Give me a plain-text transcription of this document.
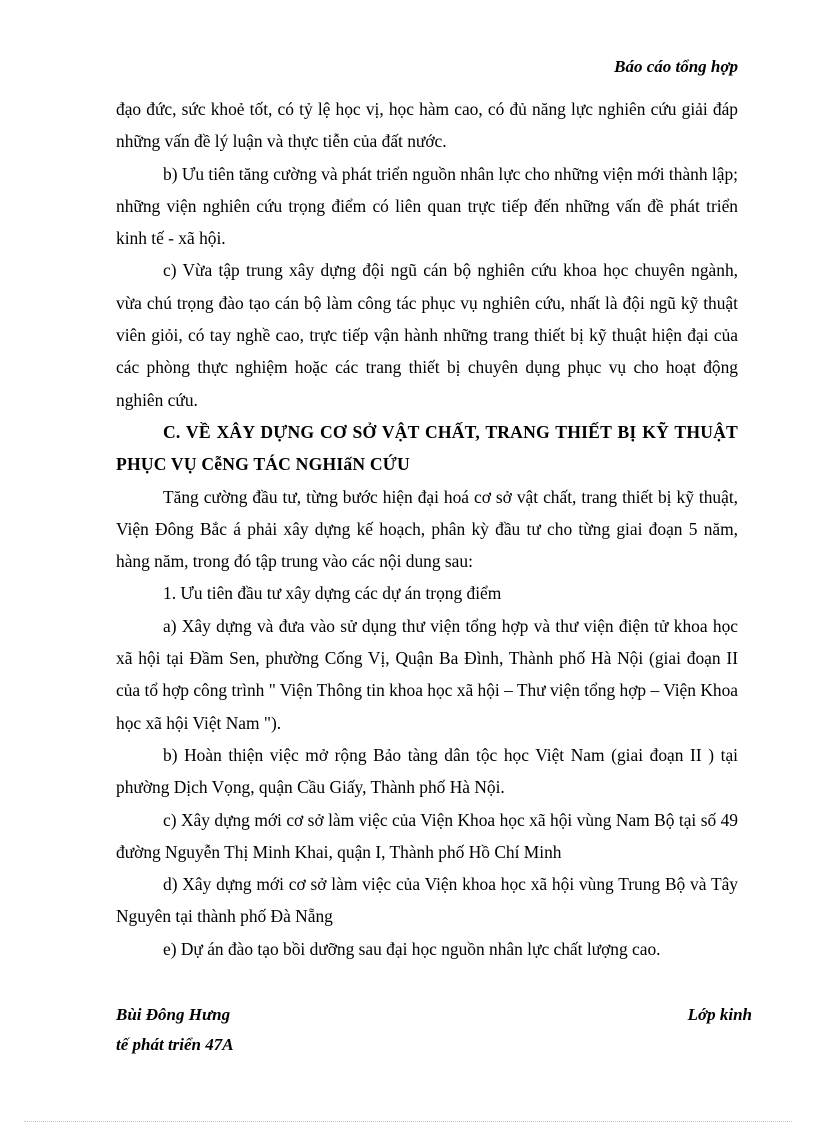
Báo cáo tổng hợp

đạo đức, sức khoẻ tốt, có tỷ lệ học vị, học hàm cao, có đủ năng lực nghiên cứu giải đáp những vấn đề lý luận và thực tiễn của đất nước.

b) Ưu tiên tăng cường và phát triển nguồn nhân lực cho những viện mới thành lập; những viện nghiên cứu trọng điểm có liên quan trực tiếp đến những vấn đề phát triển kinh tế - xã hội.

c) Vừa tập trung xây dựng đội ngũ cán bộ nghiên cứu khoa học chuyên ngành, vừa chú trọng đào tạo cán bộ làm công tác phục vụ nghiên cứu, nhất là đội ngũ kỹ thuật viên giỏi, có tay nghề cao, trực tiếp vận hành những trang thiết bị kỹ thuật hiện đại của các phòng thực nghiệm hoặc các trang thiết bị chuyên dụng phục vụ cho hoạt động nghiên cứu.

C. VỀ XÂY DỰNG CƠ SỞ VẬT CHẤT, TRANG THIẾT BỊ KỸ THUẬT PHỤC VỤ CễNG TÁC NGHIấN CỨU

Tăng cường đầu tư, từng bước hiện đại hoá cơ sở vật chất, trang thiết bị kỹ thuật, Viện Đông Bắc á phải xây dựng kế hoạch, phân kỳ đầu tư cho từng giai đoạn 5 năm, hàng năm, trong đó tập trung vào các nội dung sau:

1. Ưu tiên đầu tư xây dựng các dự án trọng điểm

a) Xây dựng và đưa vào sử dụng thư viện tổng hợp và thư viện điện tử khoa học xã hội tại Đầm Sen, phường Cống Vị, Quận Ba Đình, Thành phố Hà Nội (giai đoạn II của tổ hợp công trình " Viện Thông tin khoa học xã hội – Thư viện tổng hợp – Viện Khoa học xã hội Việt Nam ").

b) Hoàn thiện việc mở rộng Bảo tàng dân tộc học Việt Nam (giai đoạn II ) tại phường Dịch Vọng, quận Cầu Giấy, Thành phố Hà Nội.

c) Xây dựng mới cơ sở làm việc của Viện Khoa học xã hội vùng Nam Bộ tại số 49 đường Nguyễn Thị Minh Khai, quận I, Thành phố Hồ Chí Minh

d) Xây dựng mới cơ sở làm việc của Viện khoa học xã hội vùng Trung Bộ và Tây Nguyên tại thành phố Đà Nẵng

e) Dự án đào tạo bồi dưỡng sau đại học nguồn nhân lực chất lượng cao.

Bùi Đông Hưng
tế phát triển 47A
Lớp kinh
